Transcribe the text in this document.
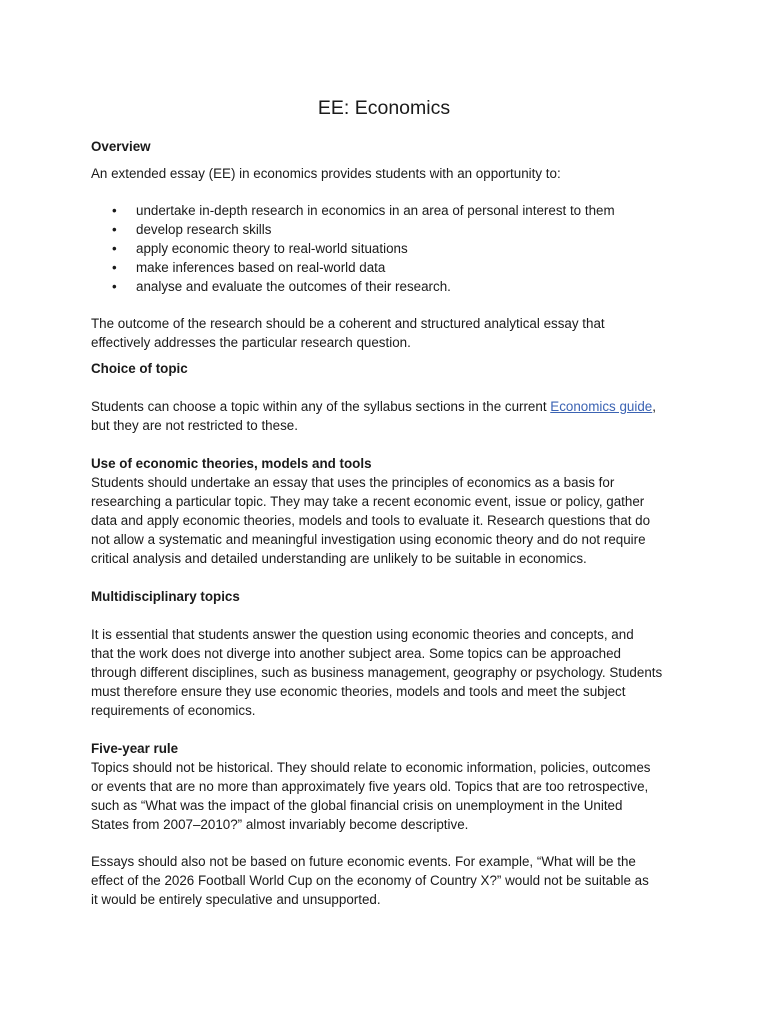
EE: Economics

Overview

An extended essay (EE) in economics provides students with an opportunity to:

• undertake in-depth research in economics in an area of personal interest to them
• develop research skills
• apply economic theory to real-world situations
• make inferences based on real-world data
• analyse and evaluate the outcomes of their research.

The outcome of the research should be a coherent and structured analytical essay that

effectively addresses the particular research question.

Choice of topic

Students can choose a topic within any of the syllabus sections in the current Economics guide,

but they are not restricted to these.

Use of economic theories, models and tools

Students should undertake an essay that uses the principles of economics as a basis for

researching a particular topic. They may take a recent economic event, issue or policy, gather

data and apply economic theories, models and tools to evaluate it. Research questions that do

not allow a systematic and meaningful investigation using economic theory and do not require

critical analysis and detailed understanding are unlikely to be suitable in economics.

Multidisciplinary topics

It is essential that students answer the question using economic theories and concepts, and

that the work does not diverge into another subject area. Some topics can be approached

through different disciplines, such as business management, geography or psychology. Students

must therefore ensure they use economic theories, models and tools and meet the subject

requirements of economics.

Five-year rule

Topics should not be historical. They should relate to economic information, policies, outcomes

or events that are no more than approximately five years old. Topics that are too retrospective,

such as “What was the impact of the global financial crisis on unemployment in the United

States from 2007–2010?” almost invariably become descriptive.

Essays should also not be based on future economic events. For example, “What will be the

effect of the 2026 Football World Cup on the economy of Country X?” would not be suitable as

it would be entirely speculative and unsupported.
